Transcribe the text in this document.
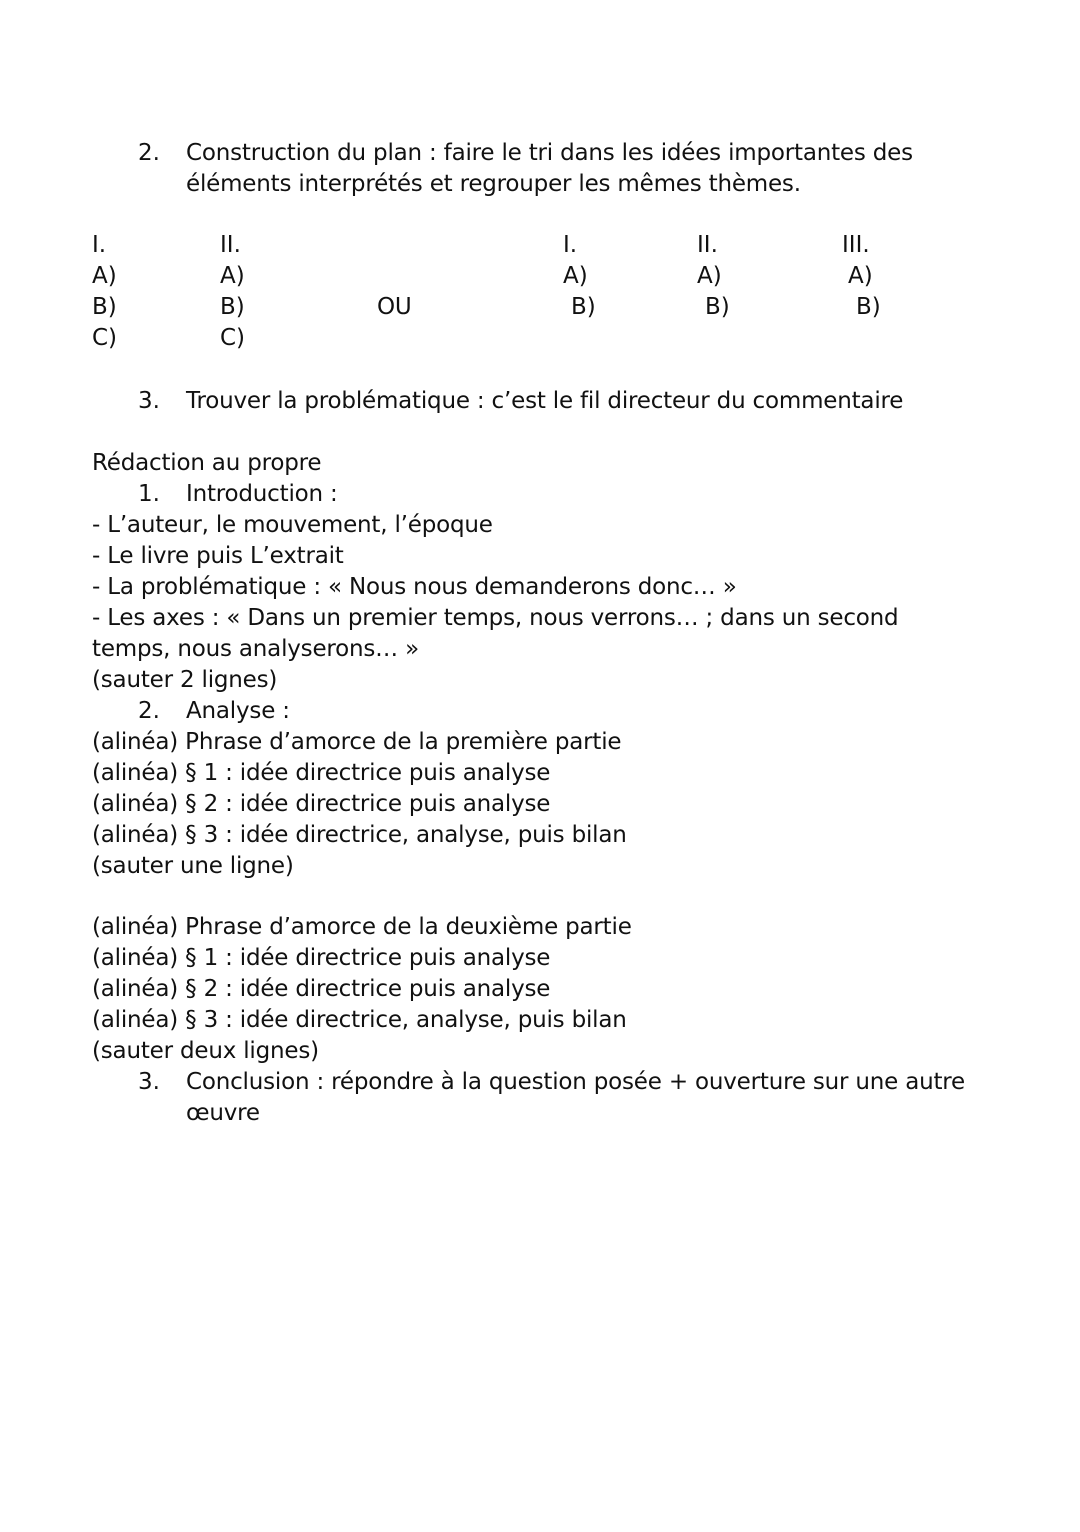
2. Construction du plan : faire le tri dans les idées importantes des
éléments interprétés et regrouper les mêmes thèmes.
I.
A)
B)
C)
II.
A)
B)
C)
OU
I.
A)
B)
II.
A)
B)
III.
A)
B)
3. Trouver la problématique : c’est le fil directeur du commentaire
Rédaction au propre
1. Introduction :
- L’auteur, le mouvement, l’époque
- Le livre puis L’extrait
- La problématique : « Nous nous demanderons donc… »
- Les axes : « Dans un premier temps, nous verrons… ; dans un second
temps, nous analyserons… »
(sauter 2 lignes)
2. Analyse :
(alinéa) Phrase d’amorce de la première partie
(alinéa) § 1 : idée directrice puis analyse
(alinéa) § 2 : idée directrice puis analyse
(alinéa) § 3 : idée directrice, analyse, puis bilan
(sauter une ligne)
(alinéa) Phrase d’amorce de la deuxième partie
(alinéa) § 1 : idée directrice puis analyse
(alinéa) § 2 : idée directrice puis analyse
(alinéa) § 3 : idée directrice, analyse, puis bilan
(sauter deux lignes)
3. Conclusion : répondre à la question posée + ouverture sur une autre
œuvre
